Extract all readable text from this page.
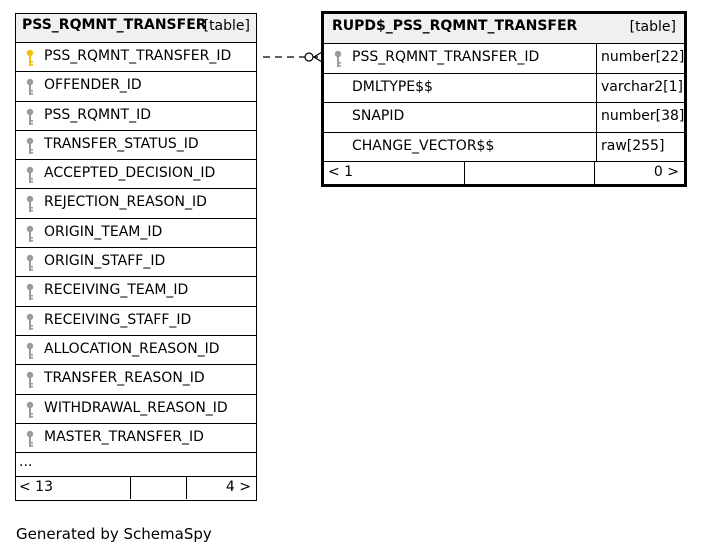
PSS_RQMNT_TRANSFER
[table]
PSS_RQMNT_TRANSFER_ID
OFFENDER_ID
PSS_RQMNT_ID
TRANSFER_STATUS_ID
ACCEPTED_DECISION_ID
REJECTION_REASON_ID
ORIGIN_TEAM_ID
ORIGIN_STAFF_ID
RECEIVING_TEAM_ID
RECEIVING_STAFF_ID
ALLOCATION_REASON_ID
TRANSFER_REASON_ID
WITHDRAWAL_REASON_ID
MASTER_TRANSFER_ID
...
< 13	4 >
RUPD$_PSS_RQMNT_TRANSFER	[table]
PSS_RQMNT_TRANSFER_ID	number[22]
DMLTYPE$$	varchar2[1]
SNAPID	number[38]
CHANGE_VECTOR$$	raw[255]
< 1	0 >
Generated by SchemaSpy
